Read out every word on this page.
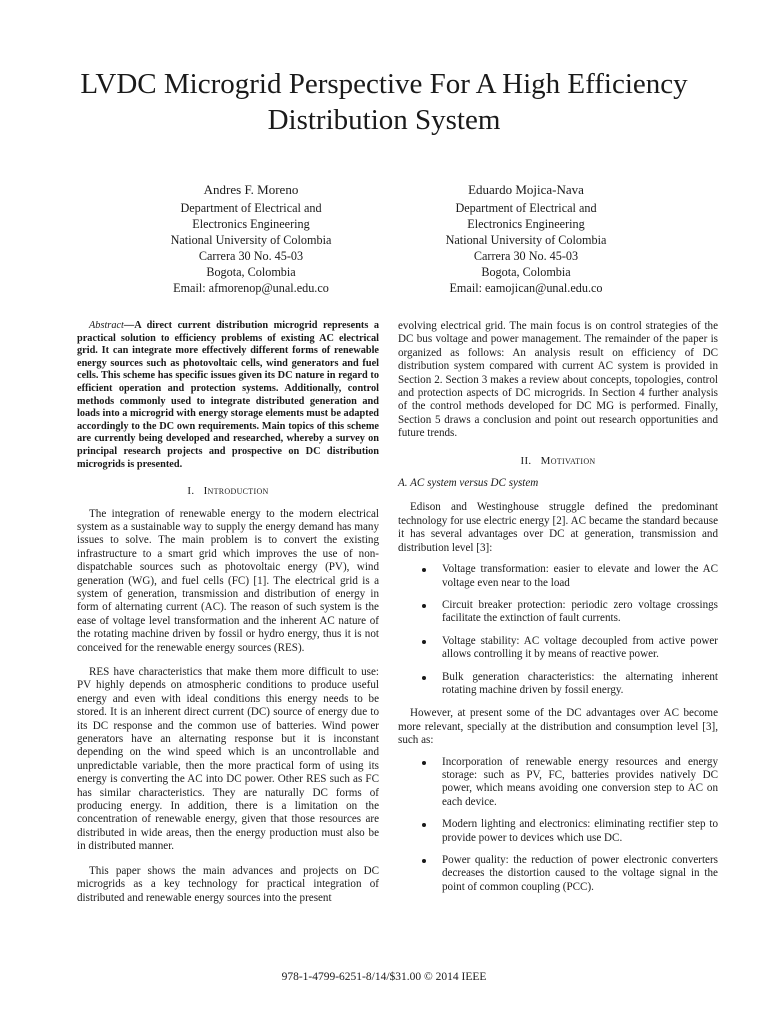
LVDC Microgrid Perspective For A High Efficiency Distribution System
Andres F. Moreno
Department of Electrical and
Electronics Engineering
National University of Colombia
Carrera 30 No. 45-03
Bogota, Colombia
Email: afmorenop@unal.edu.co
Eduardo Mojica-Nava
Department of Electrical and
Electronics Engineering
National University of Colombia
Carrera 30 No. 45-03
Bogota, Colombia
Email: eamojican@unal.edu.co

Abstract—A direct current distribution microgrid represents a practical solution to efficiency problems of existing AC electrical grid. It can integrate more effectively different forms of renewable energy sources such as photovoltaic cells, wind generators and fuel cells. This scheme has specific issues given its DC nature in regard to efficient operation and protection systems. Additionally, control methods commonly used to integrate distributed generation and loads into a microgrid with energy storage elements must be adapted accordingly to the DC own requirements. Main topics of this scheme are currently being developed and researched, whereby a survey on principal research projects and prospective on DC distribution microgrids is presented.

I. Introduction

The integration of renewable energy to the modern electrical system as a sustainable way to supply the energy demand has many issues to solve. The main problem is to convert the existing infrastructure to a smart grid which improves the use of non-dispatchable sources such as photovoltaic energy (PV), wind generation (WG), and fuel cells (FC) [1]. The electrical grid is a system of generation, transmission and distribution of energy in form of alternating current (AC). The reason of such system is the ease of voltage level transformation and the inherent AC nature of the rotating machine driven by fossil or hydro energy, thus it is not conceived for the renewable energy sources (RES).

RES have characteristics that make them more difficult to use: PV highly depends on atmospheric conditions to produce useful energy and even with ideal conditions this energy needs to be stored. It is an inherent direct current (DC) source of energy due to its DC response and the common use of batteries. Wind power generators have an alternating response but it is inconstant depending on the wind speed which is an uncontrollable and unpredictable variable, then the more practical form of using its energy is converting the AC into DC power. Other RES such as FC has similar characteristics. They are naturally DC forms of producing energy. In addition, there is a limitation on the concentration of renewable energy, given that those resources are distributed in wide areas, then the energy production must also be in distributed manner.

This paper shows the main advances and projects on DC microgrids as a key technology for practical integration of distributed and renewable energy sources into the present

evolving electrical grid. The main focus is on control strategies of the DC bus voltage and power management. The remainder of the paper is organized as follows: An analysis result on efficiency of DC distribution system compared with current AC system is provided in Section 2. Section 3 makes a review about concepts, topologies, control and protection aspects of DC microgrids. In Section 4 further analysis of the control methods developed for DC MG is performed. Finally, Section 5 draws a conclusion and point out research opportunities and future trends.

II. Motivation
A. AC system versus DC system

Edison and Westinghouse struggle defined the predominant technology for use electric energy [2]. AC became the standard because it has several advantages over DC at generation, transmission and distribution level [3]:

Voltage transformation: easier to elevate and lower the AC voltage even near to the load
Circuit breaker protection: periodic zero voltage crossings facilitate the extinction of fault currents.
Voltage stability: AC voltage decoupled from active power allows controlling it by means of reactive power.
Bulk generation characteristics: the alternating inherent rotating machine driven by fossil energy.

However, at present some of the DC advantages over AC become more relevant, specially at the distribution and consumption level [3], such as:

Incorporation of renewable energy resources and energy storage: such as PV, FC, batteries provides natively DC power, which means avoiding one conversion step to AC on each device.
Modern lighting and electronics: eliminating rectifier step to provide power to devices which use DC.
Power quality: the reduction of power electronic converters decreases the distortion caused to the voltage signal in the point of common coupling (PCC).
978-1-4799-6251-8/14/$31.00 © 2014 IEEE
